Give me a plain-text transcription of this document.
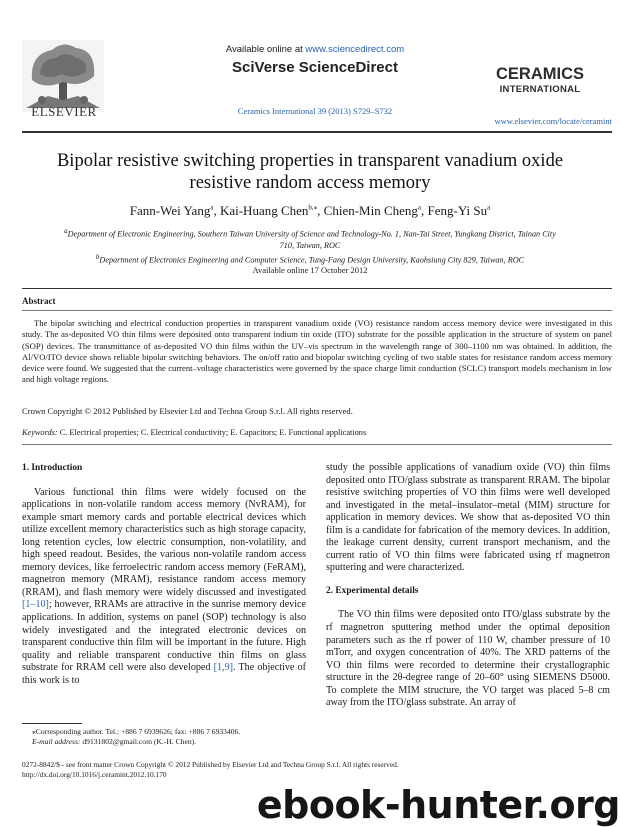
ELSEVIER
Available online at www.sciencedirect.com
SciVerse ScienceDirect
Ceramics International 39 (2013) S729–S732
CERAMICS
INTERNATIONAL
www.elsevier.com/locate/ceramint
Bipolar resistive switching properties in transparent vanadium oxide resistive random access memory
Fann-Wei Yang$^a$, Kai-Huang Chen$^{b,⁎}$, Chien-Min Cheng$^a$, Feng-Yi Su$^a$
$^a$Department of Electronic Engineering, Southern Taiwan University of Science and Technology-No. 1, Nan-Tai Street, Yungkang District, Tainan City 710, Taiwan, ROC
$^b$Department of Electronics Engineering and Computer Science, Tung-Fang Design University, Kaohsiung City 829, Taiwan, ROC
Available online 17 October 2012
Abstract
The bipolar switching and electrical conduction properties in transparent vanadium oxide (VO) resistance random access memory device were investigated in this study. The as-deposited VO thin films were deposited onto transparent indium tin oxide (ITO) substrate for the possible application in the structure of system on panel (SOP) devices. The transmittance of as-deposited VO thin films within the UV–vis spectrum in the wavelength range of 300–1100 nm was obtained. In addition, the Al/VO/ITO device shows reliable bipolar switching behaviors. The on/off ratio and biopolar switching cycling of two stable states for resistance random access memory device were found. We suggested that the current–voltage characteristics were governed by the space charge limit conduction (SCLC) transport models mechanism in low and high voltage regions.
Crown Copyright © 2012 Published by Elsevier Ltd and Techna Group S.r.l. All rights reserved.
Keywords: C. Electrical properties; C. Electrical conductivity; E. Capacitors; E. Functional applications
1. Introduction

Various functional thin films were widely focused on the applications in non-volatile random access memory (NvRAM), for example smart memory cards and portable electrical devices which utilize excellent memory characteristics such as high storage capacity, long retention cycles, low electric consumption, non-volatility, and high speed readout. Besides, the various non-volatile random access memory devices, like ferroelectric random access memory (FeRAM), magnetron memory (MRAM), resistance random access memory (RRAM), and flash memory were widely discussed and investigated [1–10]; however, RRAMs are attractive in the sunrise memory device applications. In addition, systems on panel (SOP) technology is also widely investigated and the integrated electronic devices on transparent conductive thin film will be important in the future. High quality and reliable transparent conductive thin films on glass substrate for RRAM cell were also developed [1,9]. The objective of this work is to

study the possible applications of vanadium oxide (VO) thin films deposited onto ITO/glass substrate as transparent RRAM. The bipolar resistive switching properties of VO thin films were well developed and investigated in the metal–insulator–metal (MIM) structure for application in memory devices. We show that as-deposited VO thin film is a candidate for fabrication of the memory devices. In addition, the leakage current density, current transport mechanism, and the current ratio of VO thin films were fabricated using rf magnetron sputtering and were characterized.

2. Experimental details

The VO thin films were deposited onto ITO/glass substrate by the rf magnetron sputtering method under the optimal deposition parameters such as the rf power of 110 W, chamber pressure of 10 mTorr, and oxygen concentration of 40%. The XRD patterns of the VO thin films were recorded to determine their crystallographic structure in the 2θ-degree range of 20–60° using SIEMENS D5000. To complete the MIM structure, the VO target was placed 5–8 cm away from the ITO/glass substrate. An array of

⁎Corresponding author. Tel.: +886 7 6939626; fax: +886 7 6933406.
E-mail address: d9131802@gmail.com (K.-H. Chen).
0272-8842/$ - see front matter Crown Copyright © 2012 Published by Elsevier Ltd and Techna Group S.r.l. All rights reserved.
http://dx.doi.org/10.1016/j.ceramint.2012.10.170
ebook-hunter.org
